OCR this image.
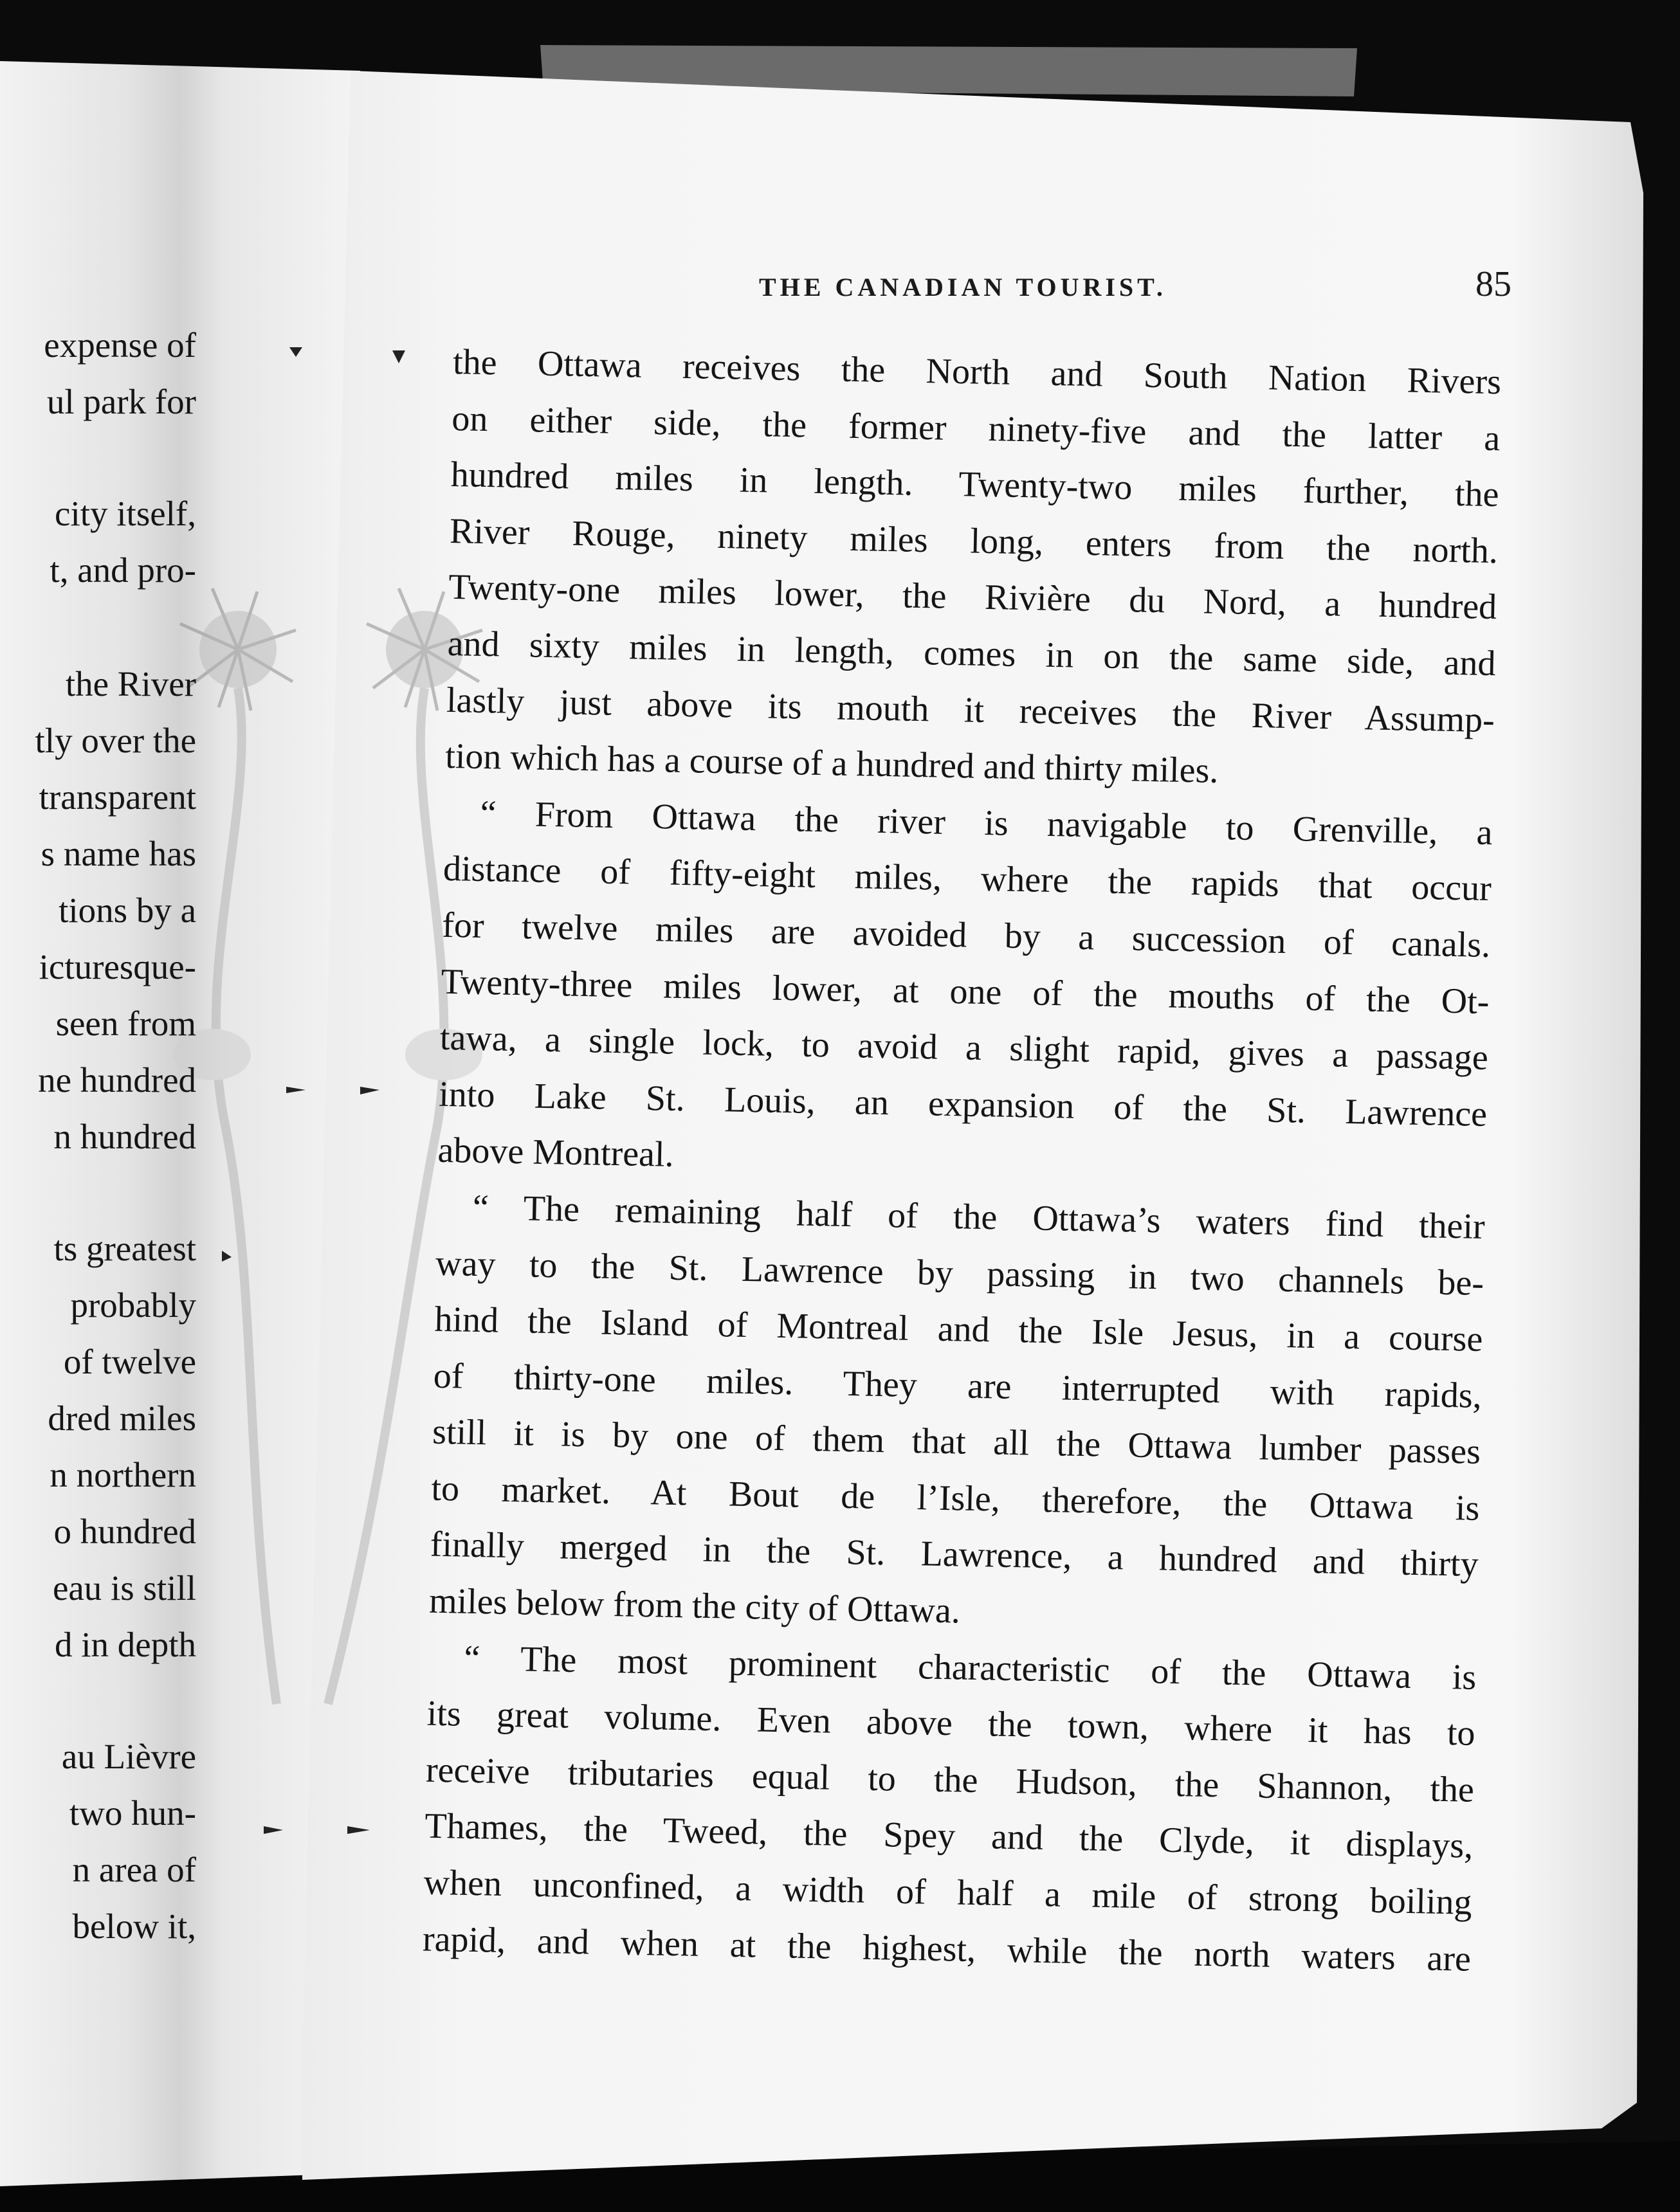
THE CANADIAN TOURIST.	85
the Ottawa receives the North and South Nation Rivers
on either side, the former ninety-five and the latter a
hundred miles in length. Twenty-two miles further, the
River Rouge, ninety miles long, enters from the north.
Twenty-one miles lower, the Rivière du Nord, a hundred
and sixty miles in length, comes in on the same side, and
lastly just above its mouth it receives the River Assump-
tion which has a course of a hundred and thirty miles.
“ From Ottawa the river is navigable to Grenville, a
distance of fifty-eight miles, where the rapids that occur
for twelve miles are avoided by a succession of canals.
Twenty-three miles lower, at one of the mouths of the Ot-
tawa, a single lock, to avoid a slight rapid, gives a passage
into Lake St. Louis, an expansion of the St. Lawrence
above Montreal.
“ The remaining half of the Ottawa’s waters find their
way to the St. Lawrence by passing in two channels be-
hind the Island of Montreal and the Isle Jesus, in a course
of thirty-one miles. They are interrupted with rapids,
still it is by one of them that all the Ottawa lumber passes
to market. At Bout de l’Isle, therefore, the Ottawa is
finally merged in the St. Lawrence, a hundred and thirty
miles below from the city of Ottawa.
“ The most prominent characteristic of the Ottawa is
its great volume. Even above the town, where it has to
receive tributaries equal to the Hudson, the Shannon, the
Thames, the Tweed, the Spey and the Clyde, it displays,
when unconfined, a width of half a mile of strong boiling
rapid, and when at the highest, while the north waters are
expense of
ul park for
city itself,
t, and pro-
the River
tly over the
transparent
s name has
tions by a
icturesque-
seen from
ne hundred
n hundred
ts greatest
probably
of twelve
dred miles
n northern
o hundred
eau is still
d in depth
au Lièvre
two hun-
n area of
below it,
